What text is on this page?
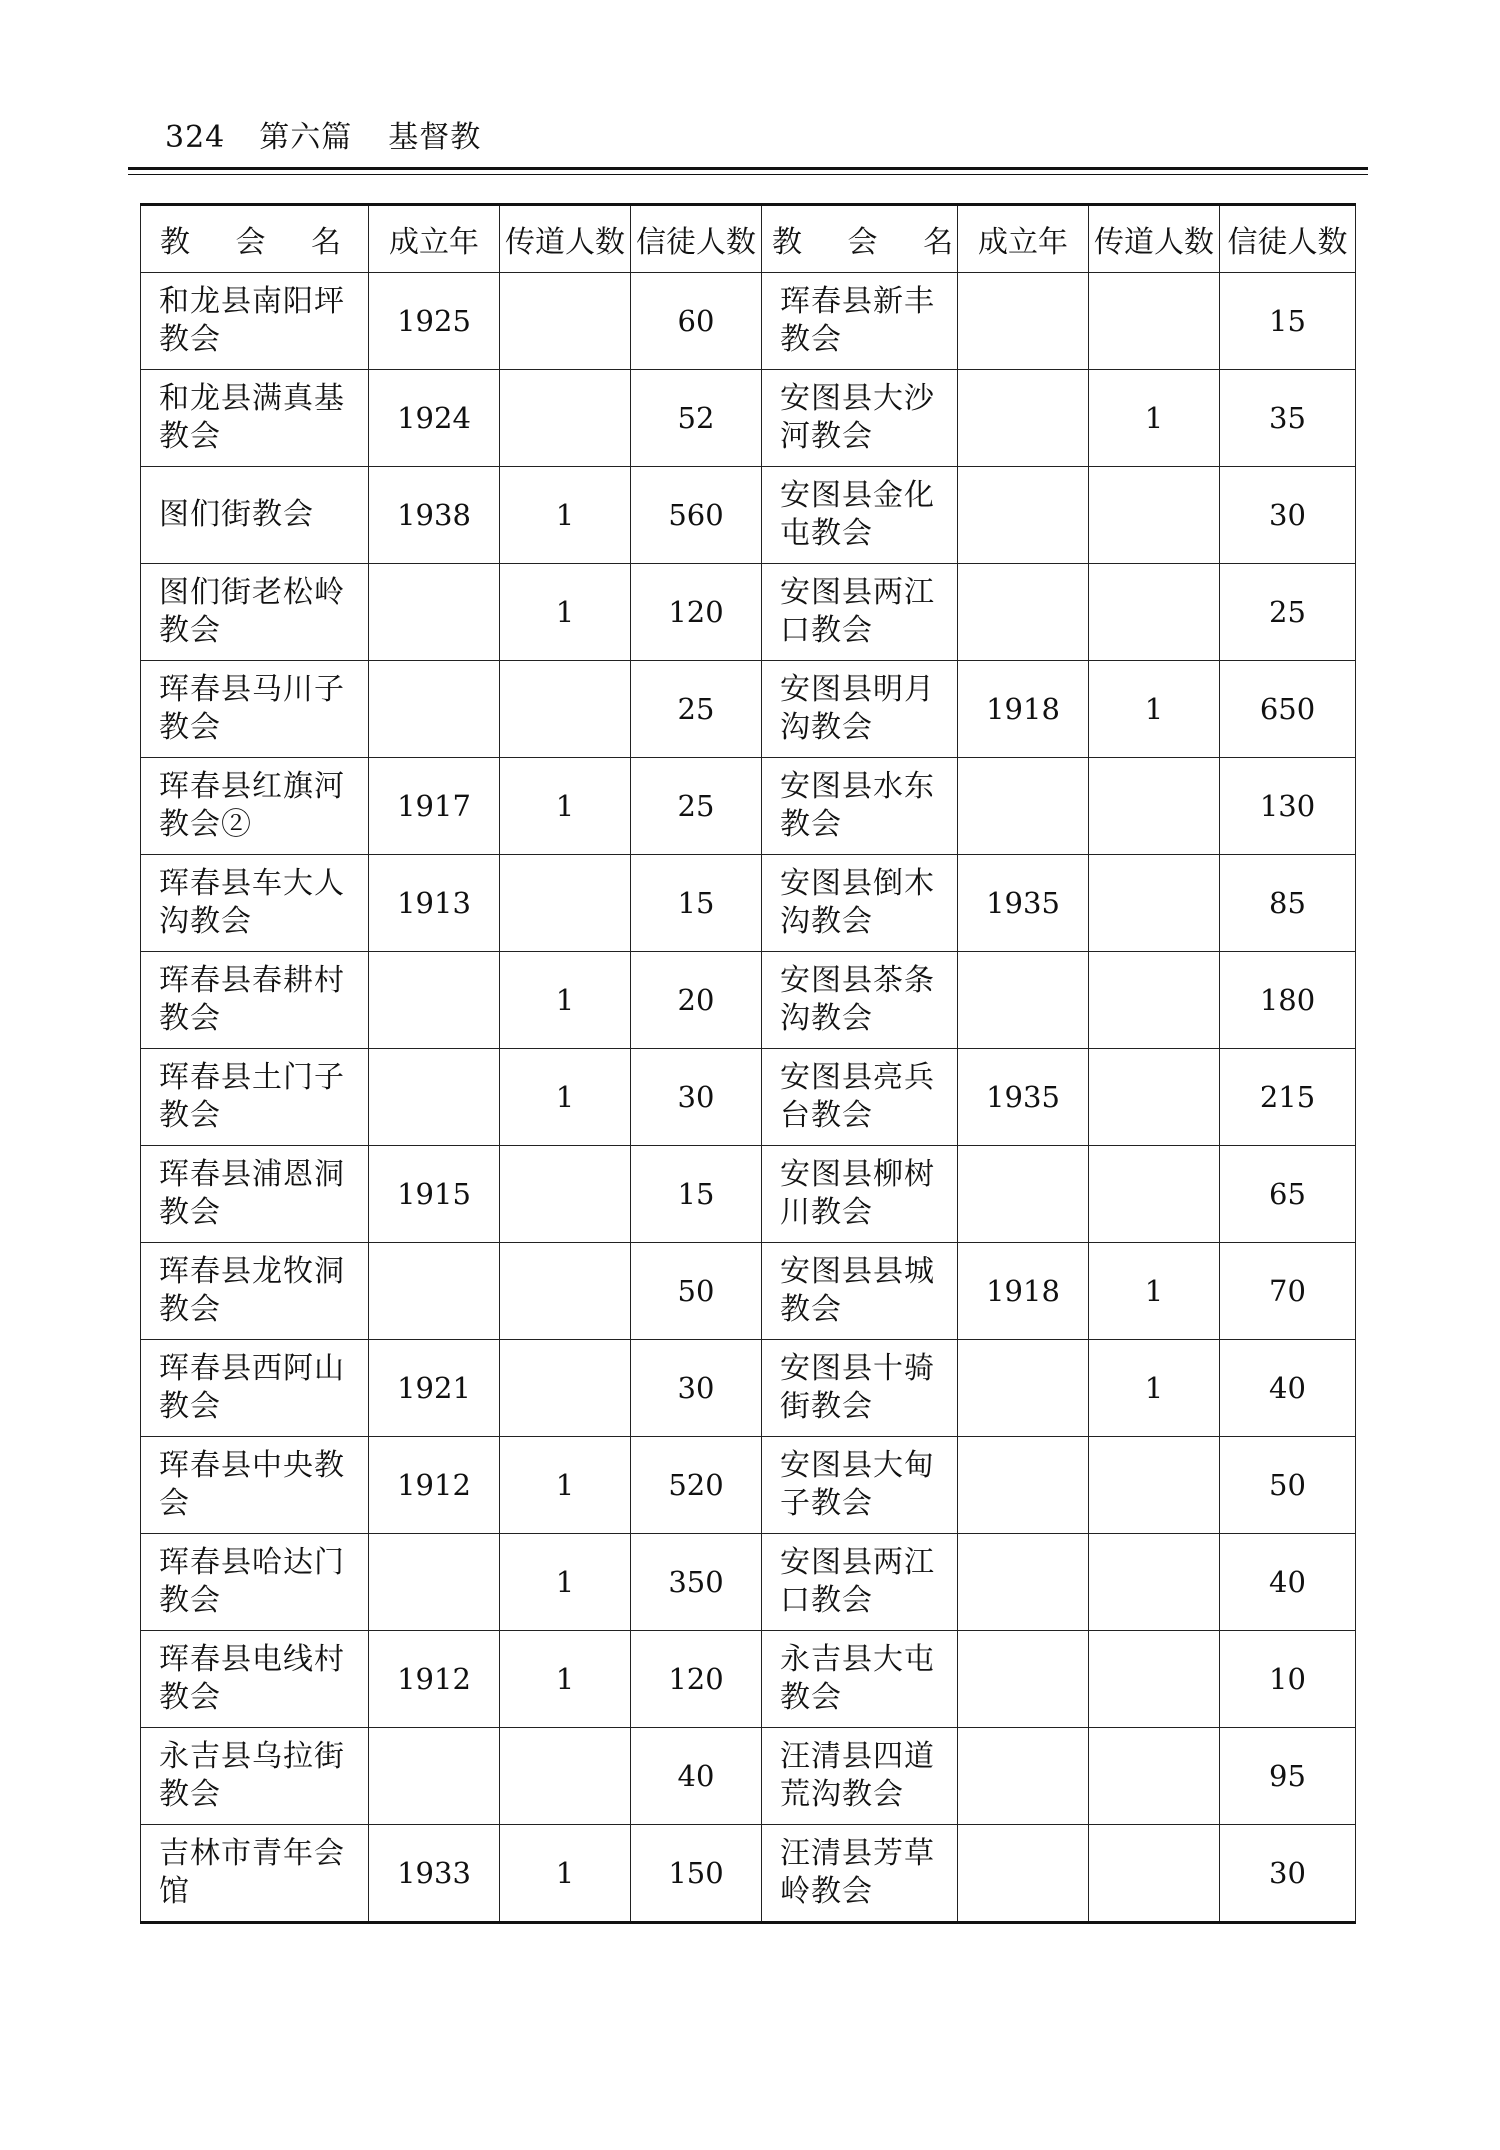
324 第六篇 基督教
教 会 名	成立年	传道人数	信徒人数	教 会 名	成立年	传道人数	信徒人数
和龙县南阳坪教会	1925		60	珲春县新丰教会			15
和龙县满真基教会	1924		52	安图县大沙河教会		1	35
图们街教会	1938	1	560	安图县金化屯教会			30
图们街老松岭教会		1	120	安图县两江口教会			25
珲春县马川子教会			25	安图县明月沟教会	1918	1	650
珲春县红旗河教会②	1917	1	25	安图县水东教会			130
珲春县车大人沟教会	1913		15	安图县倒木沟教会	1935		85
珲春县春耕村教会		1	20	安图县茶条沟教会			180
珲春县土门子教会		1	30	安图县亮兵台教会	1935		215
珲春县浦恩洞教会	1915		15	安图县柳树川教会			65
珲春县龙牧洞教会			50	安图县县城教会	1918	1	70
珲春县西阿山教会	1921		30	安图县十骑街教会		1	40
珲春县中央教会	1912	1	520	安图县大甸子教会			50
珲春县哈达门教会		1	350	安图县两江口教会			40
珲春县电线村教会	1912	1	120	永吉县大屯教会			10
永吉县乌拉街教会			40	汪清县四道荒沟教会			95
吉林市青年会馆	1933	1	150	汪清县芳草岭教会			30
